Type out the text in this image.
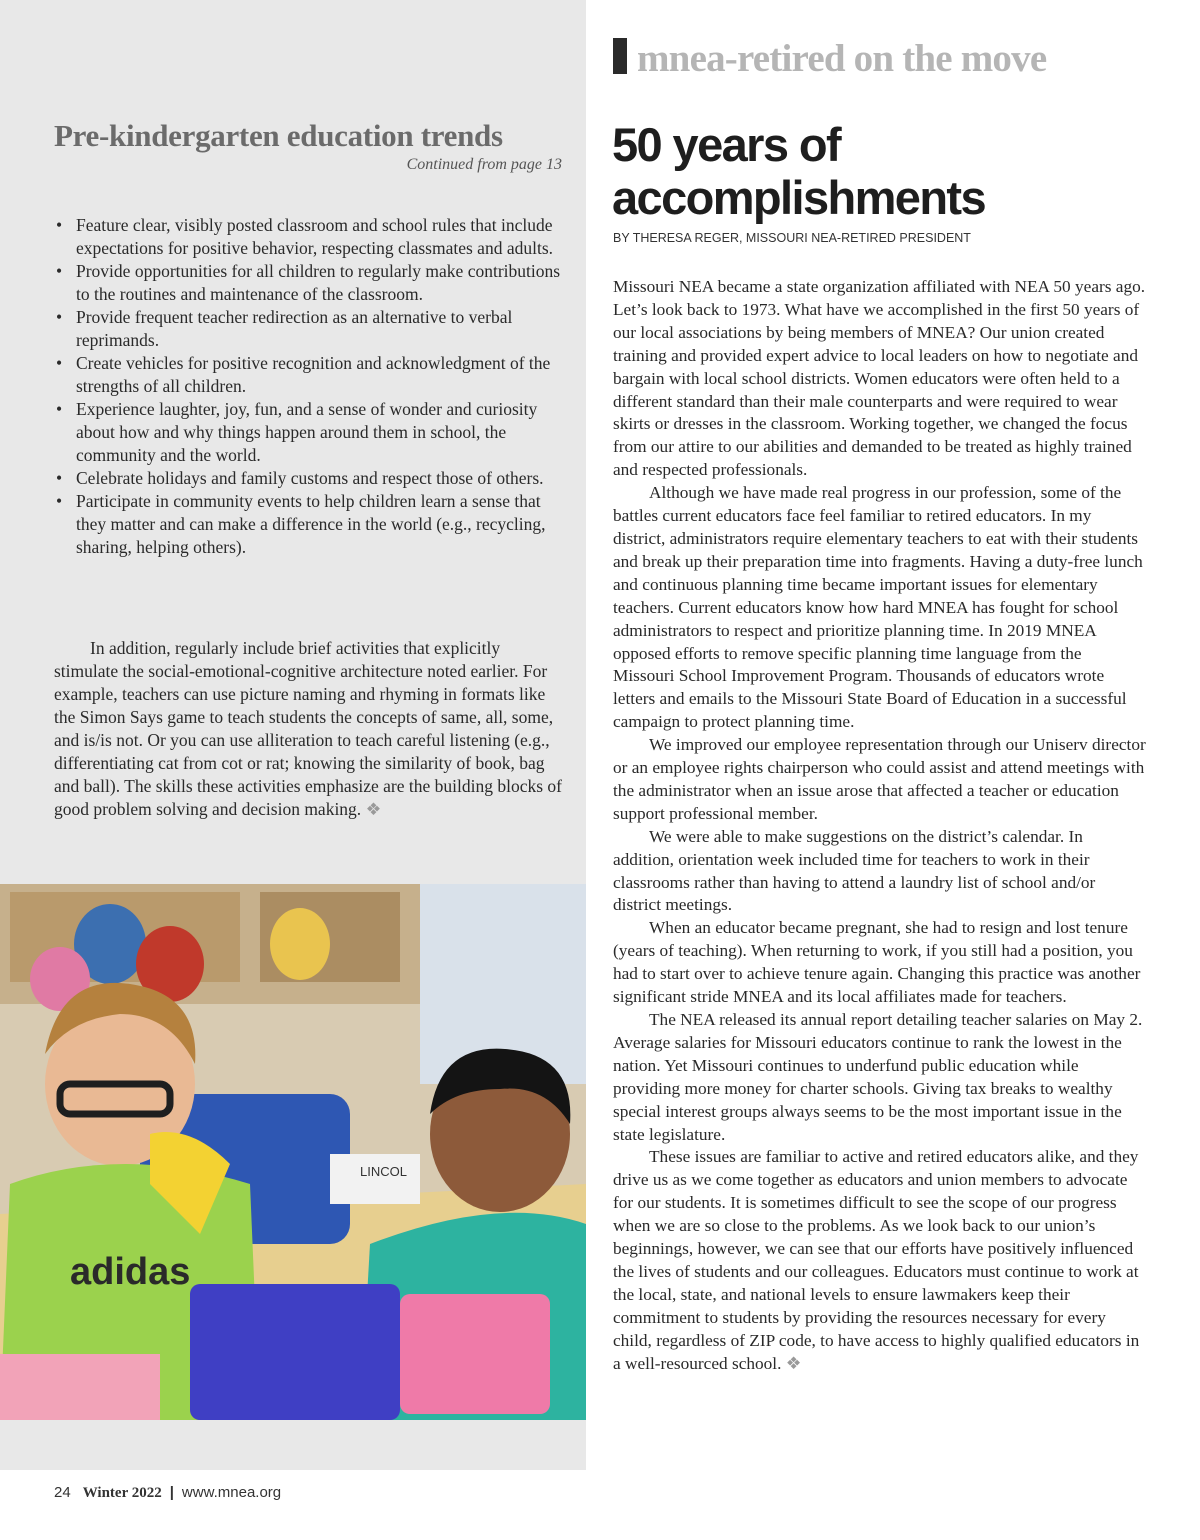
Pre-kindergarten education trends
Continued from page 13
• Feature clear, visibly posted classroom and school rules that include expectations for positive behavior, respecting classmates and adults.
• Provide opportunities for all children to regularly make contributions to the routines and maintenance of the classroom.
• Provide frequent teacher redirection as an alternative to verbal reprimands.
• Create vehicles for positive recognition and acknowledgment of the strengths of all children.
• Experience laughter, joy, fun, and a sense of wonder and curiosity about how and why things happen around them in school, the community and the world.
• Celebrate holidays and family customs and respect those of others.
• Participate in community events to help children learn a sense that they matter and can make a difference in the world (e.g., recycling, sharing, helping others).

In addition, regularly include brief activities that explicitly stimulate the social-emotional-cognitive architecture noted earlier. For example, teachers can use picture naming and rhyming in formats like the Simon Says game to teach students the concepts of same, all, some, and is/is not. Or you can use alliteration to teach careful listening (e.g., differentiating cat from cot or rat; knowing the similarity of book, bag and ball). The skills these activities emphasize are the building blocks of good problem solving and decision making. ❖

LINCOL
adidas
mnea-retired on the move
50 years of accomplishments
BY THERESA REGER, MISSOURI NEA-RETIRED PRESIDENT

Missouri NEA became a state organization affiliated with NEA 50 years ago. Let’s look back to 1973. What have we accomplished in the first 50 years of our local associations by being members of MNEA? Our union created training and provided expert advice to local leaders on how to negotiate and bargain with local school districts. Women educators were often held to a different standard than their male counterparts and were required to wear skirts or dresses in the classroom. Working together, we changed the focus from our attire to our abilities and demanded to be treated as highly trained and respected professionals.

Although we have made real progress in our profession, some of the battles current educators face feel familiar to retired educators. In my district, administrators require elementary teachers to eat with their students and break up their preparation time into fragments. Having a duty-free lunch and continuous planning time became important issues for elementary teachers. Current educators know how hard MNEA has fought for school administrators to respect and prioritize planning time. In 2019 MNEA opposed efforts to remove specific planning time language from the Missouri School Improvement Program. Thousands of educators wrote letters and emails to the Missouri State Board of Education in a successful campaign to protect planning time.

We improved our employee representation through our Uniserv director or an employee rights chairperson who could assist and attend meetings with the administrator when an issue arose that affected a teacher or education support professional member.

We were able to make suggestions on the district’s calendar. In addition, orientation week included time for teachers to work in their classrooms rather than having to attend a laundry list of school and/or district meetings.

When an educator became pregnant, she had to resign and lost tenure (years of teaching). When returning to work, if you still had a position, you had to start over to achieve tenure again. Changing this practice was another significant stride MNEA and its local affiliates made for teachers.

The NEA released its annual report detailing teacher salaries on May 2. Average salaries for Missouri educators continue to rank the lowest in the nation. Yet Missouri continues to underfund public education while providing more money for charter schools. Giving tax breaks to wealthy special interest groups always seems to be the most important issue in the state legislature.

These issues are familiar to active and retired educators alike, and they drive us as we come together as educators and union members to advocate for our students. It is sometimes difficult to see the scope of our progress when we are so close to the problems. As we look back to our union’s beginnings, however, we can see that our efforts have positively influenced the lives of students and our colleagues. Educators must continue to work at the local, state, and national levels to ensure lawmakers keep their commitment to students by providing the resources necessary for every child, regardless of ZIP code, to have access to highly qualified educators in a well-resourced school. ❖

24 Winter 2022 | www.mnea.org
